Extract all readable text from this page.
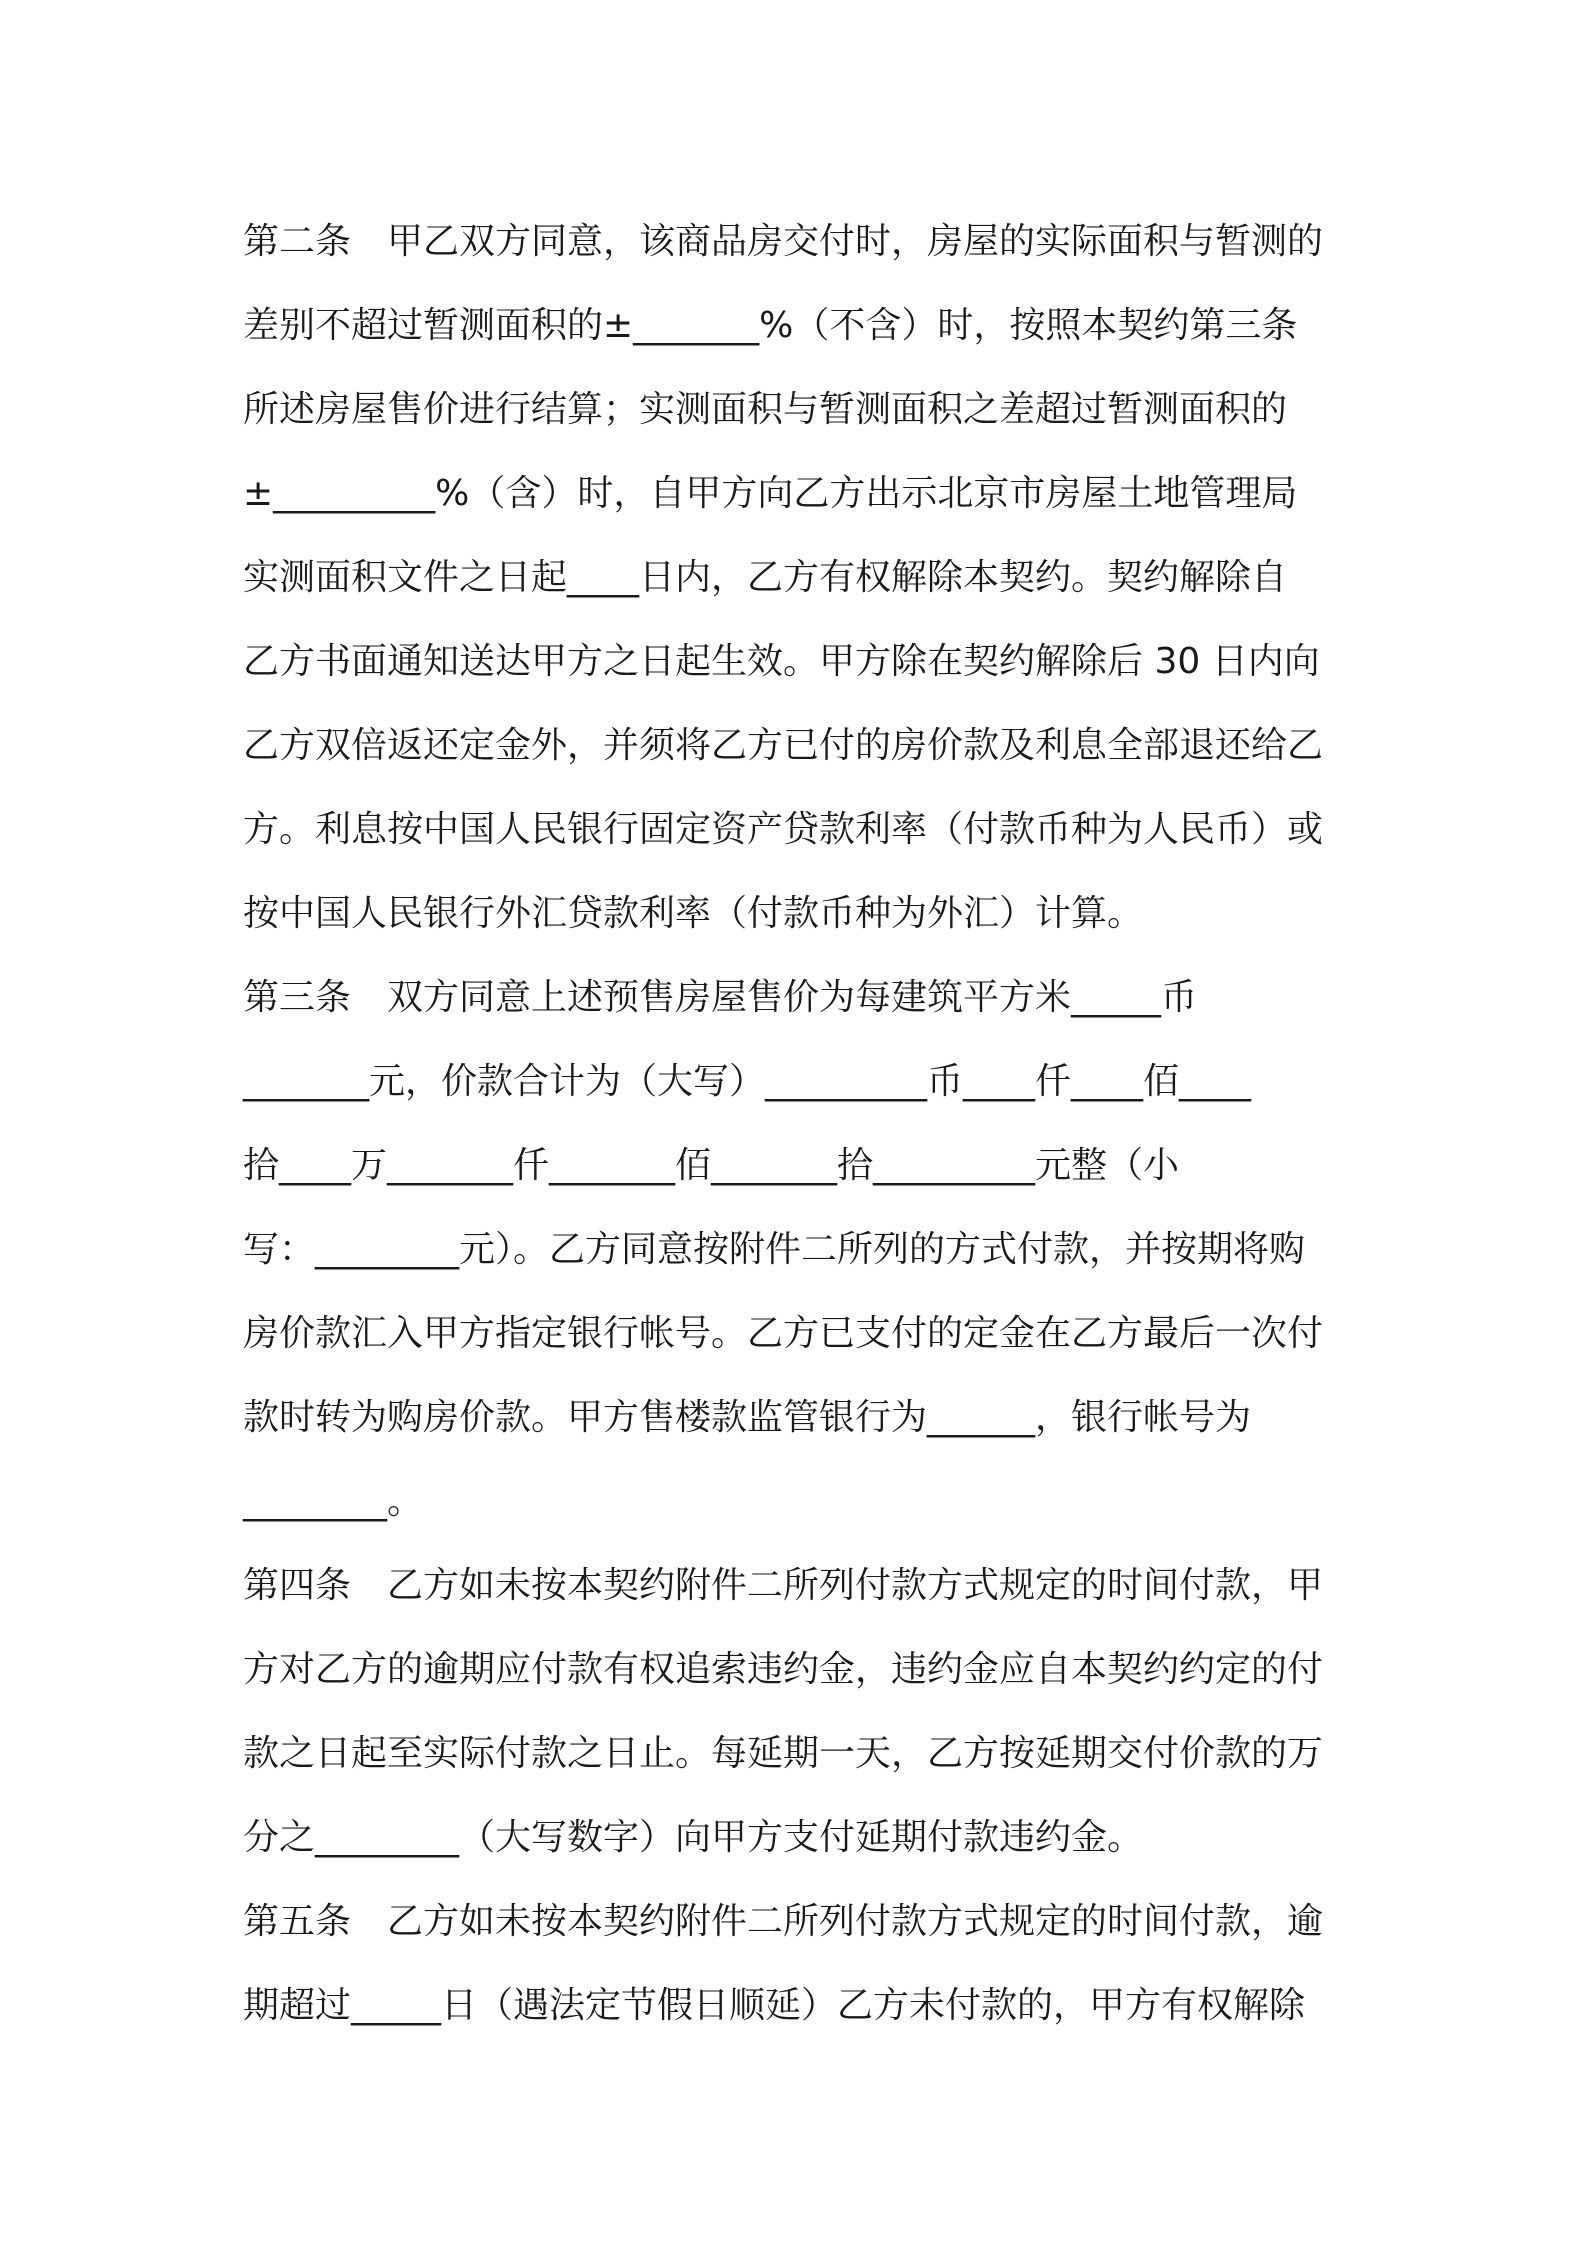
第二条　甲乙双方同意，该商品房交付时，房屋的实际面积与暂测的
差别不超过暂测面积的±_______%（不含）时，按照本契约第三条
所述房屋售价进行结算；实测面积与暂测面积之差超过暂测面积的
±_________%（含）时，自甲方向乙方出示北京市房屋土地管理局
实测面积文件之日起____日内，乙方有权解除本契约。契约解除自
乙方书面通知送达甲方之日起生效。甲方除在契约解除后 30 日内向
乙方双倍返还定金外，并须将乙方已付的房价款及利息全部退还给乙
方。利息按中国人民银行固定资产贷款利率（付款币种为人民币）或
按中国人民银行外汇贷款利率（付款币种为外汇）计算。
第三条　双方同意上述预售房屋售价为每建筑平方米_____币
_______元，价款合计为（大写）_________币____仟____佰____
拾____万_______仟_______佰_______拾_________元整（小
写：________元）。乙方同意按附件二所列的方式付款，并按期将购
房价款汇入甲方指定银行帐号。乙方已支付的定金在乙方最后一次付
款时转为购房价款。甲方售楼款监管银行为______，银行帐号为
________。
第四条　乙方如未按本契约附件二所列付款方式规定的时间付款，甲
方对乙方的逾期应付款有权追索违约金，违约金应自本契约约定的付
款之日起至实际付款之日止。每延期一天，乙方按延期交付价款的万
分之________（大写数字）向甲方支付延期付款违约金。
第五条　乙方如未按本契约附件二所列付款方式规定的时间付款，逾
期超过_____日（遇法定节假日顺延）乙方未付款的，甲方有权解除
